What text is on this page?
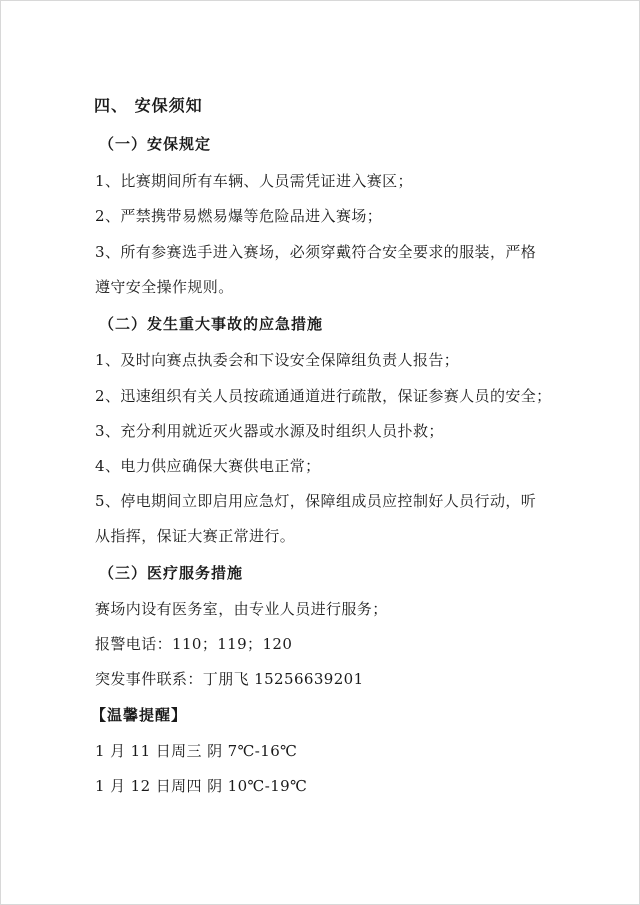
四、 安保须知
（一）安保规定
1、比赛期间所有车辆、人员需凭证进入赛区；
2、严禁携带易燃易爆等危险品进入赛场；
3、所有参赛选手进入赛场，必须穿戴符合安全要求的服装，严格
遵守安全操作规则。
（二）发生重大事故的应急措施
1、及时向赛点执委会和下设安全保障组负责人报告；
2、迅速组织有关人员按疏通通道进行疏散，保证参赛人员的安全；
3、充分利用就近灭火器或水源及时组织人员扑救；
4、电力供应确保大赛供电正常；
5、停电期间立即启用应急灯，保障组成员应控制好人员行动，听
从指挥，保证大赛正常进行。
（三）医疗服务措施
赛场内设有医务室，由专业人员进行服务；
报警电话：110；119；120
突发事件联系：丁朋飞 15256639201
【温馨提醒】
1 月 11 日周三 阴 7℃-16℃
1 月 12 日周四 阴 10℃-19℃
